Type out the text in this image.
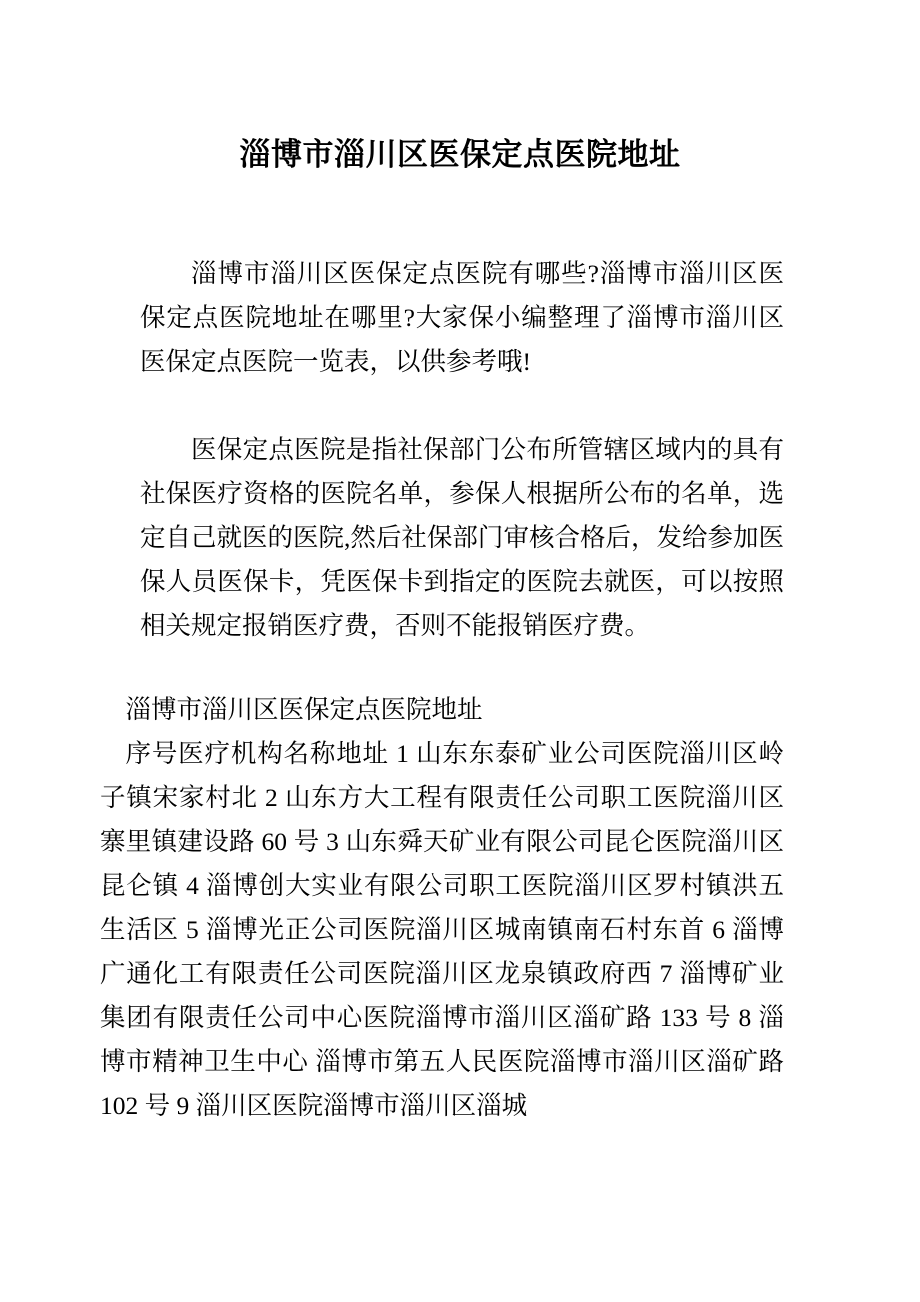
淄博市淄川区医保定点医院地址

淄博市淄川区医保定点医院有哪些?淄博市淄川区医保定点医院地址在哪里?大家保小编整理了淄博市淄川区医保定点医院一览表，以供参考哦!

医保定点医院是指社保部门公布所管辖区域内的具有社保医疗资格的医院名单，参保人根据所公布的名单，选定自己就医的医院,然后社保部门审核合格后，发给参加医保人员医保卡，凭医保卡到指定的医院去就医，可以按照相关规定报销医疗费，否则不能报销医疗费。

淄博市淄川区医保定点医院地址

序号医疗机构名称地址 1 山东东泰矿业公司医院淄川区岭子镇宋家村北 2 山东方大工程有限责任公司职工医院淄川区寨里镇建设路 60 号 3 山东舜天矿业有限公司昆仑医院淄川区昆仑镇 4 淄博创大实业有限公司职工医院淄川区罗村镇洪五生活区 5 淄博光正公司医院淄川区城南镇南石村东首 6 淄博广通化工有限责任公司医院淄川区龙泉镇政府西 7 淄博矿业集团有限责任公司中心医院淄博市淄川区淄矿路 133 号 8 淄博市精神卫生中心 淄博市第五人民医院淄博市淄川区淄矿路 102 号 9 淄川区医院淄博市淄川区淄城
